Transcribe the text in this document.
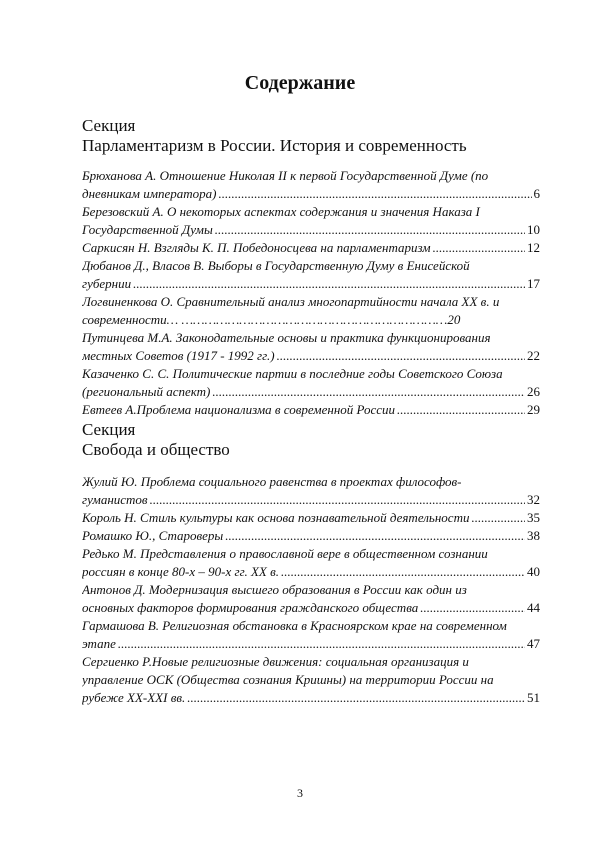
Содержание

Секция

Парламентаризм в России. История и современность

Брюханова А. Отношение Николая II к первой Государственной Думе (по
дневникам императора) .....	6
Березовский А. О некоторых аспектах содержания и значения Наказа I
Государственной Думы .....	10
Саркисян Н. Взгляды К. П. Победоносцева на парламентаризм .....	12
Дюбанов Д., Власов В. Выборы в Государственную Думу в Енисейской
губернии .....	17
Логвиненкова О. Сравнительный анализ многопартийности начала XX в. и
современности… ……………………………………………………………20
Путинцева М.А. Законодательные основы и практика функционирования
местных Советов (1917 - 1992 гг.) .....	22
Казаченко С. С. Политические партии в последние годы Советского Союза
(региональный аспект) .....	26
Евтеев А.Проблема национализма в современной России .....	29

Секция

Свобода и общество

Жулий Ю. Проблема социального равенства в проектах философов-
гуманистов .....	32
Король Н. Стиль культуры как основа познавательной деятельности .....	35
Ромашко Ю., Староверы .....	38
Редько М. Представления о православной вере в общественном сознании
россиян в конце 80-х – 90-х гг. XX в. .....	40
Антонов Д. Модернизация высшего образования в России как один из
основных факторов формирования гражданского общества .....	44
Гармашова В. Религиозная обстановка в Красноярском крае на современном
этапе .....	47
Сергиенко Р.Новые религиозные движения: социальная организация и
управление ОСК (Общества сознания Кришны) на территории России на
рубеже XX-XXI вв. .....	51

3
